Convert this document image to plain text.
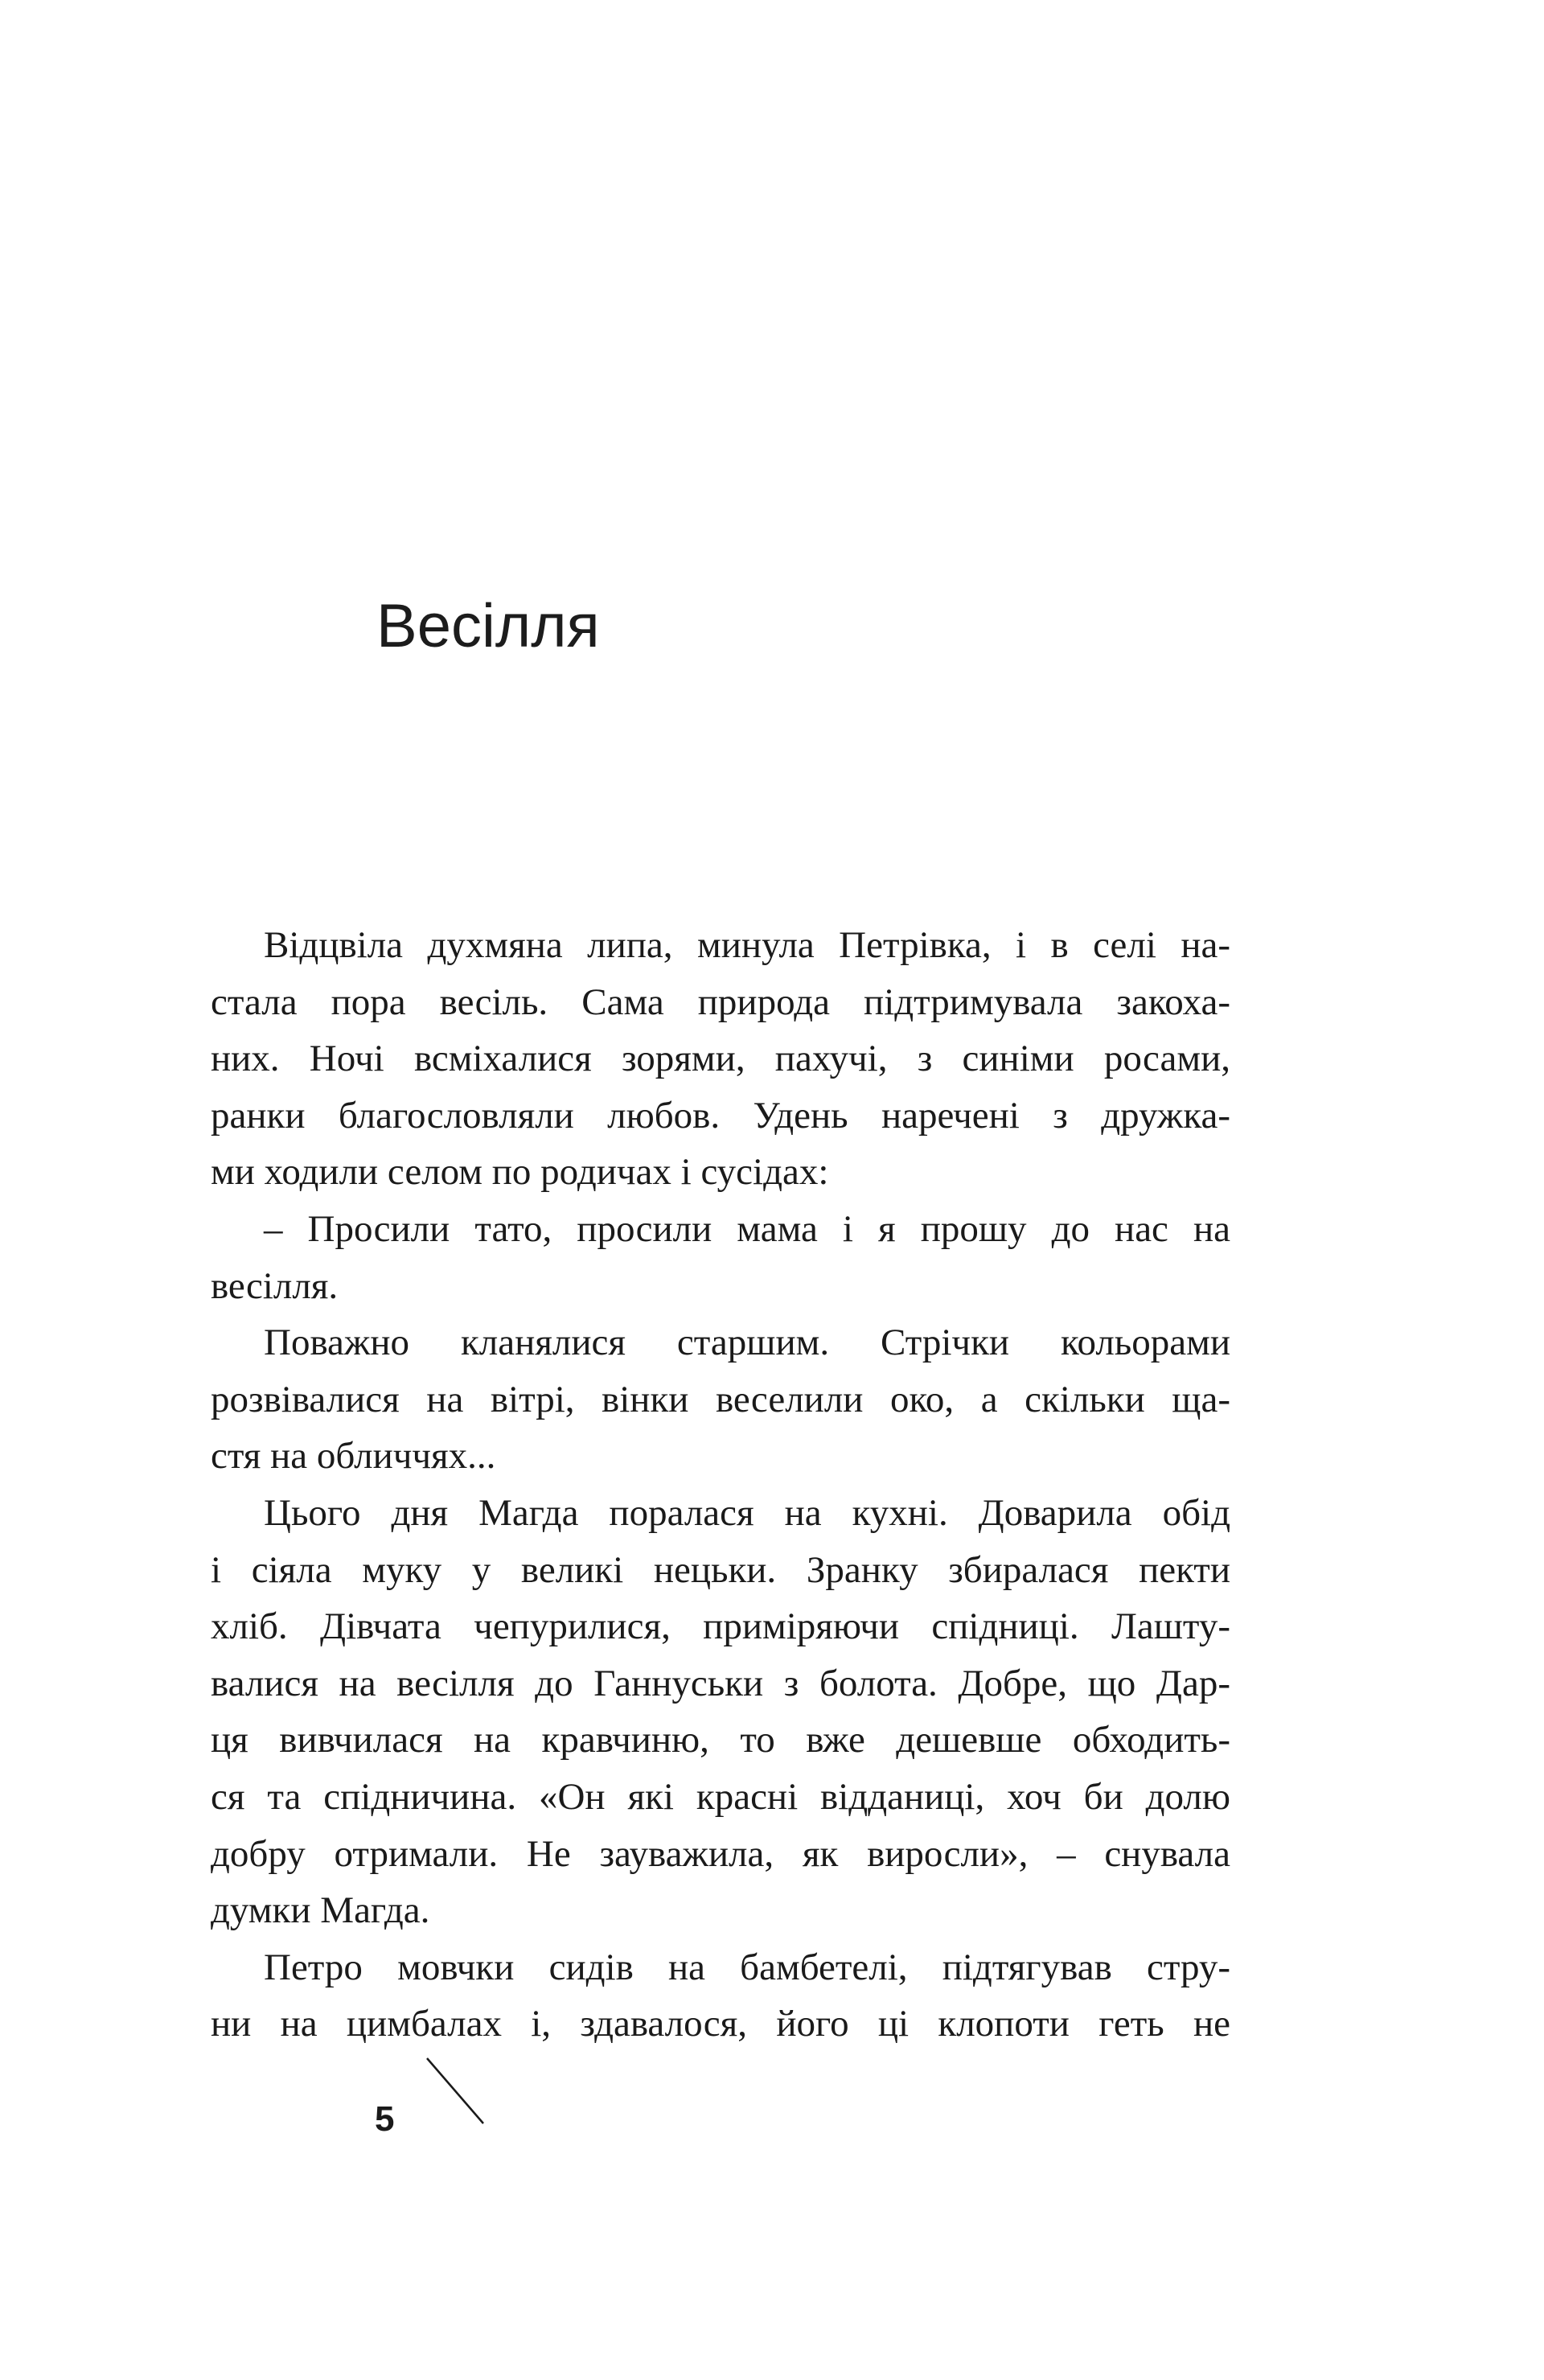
Весілля
Відцвіла духмяна липа, минула Петрівка, і в селі на-
стала пора весіль. Сама природа підтримувала закоха-
них. Ночі всміхалися зорями, пахучі, з синіми росами,
ранки благословляли любов. Удень наречені з дружка-
ми ходили селом по родичах і сусідах:
– Просили тато, просили мама і я прошу до нас на
весілля.
Поважно кланялися старшим. Стрічки кольорами
розвівалися на вітрі, вінки веселили око, а скільки ща-
стя на обличчях...
Цього дня Магда поралася на кухні. Доварила обід
і сіяла муку у великі нецьки. Зранку збиралася пекти
хліб. Дівчата чепурилися, приміряючи спідниці. Лашту-
валися на весілля до Ганнуськи з болота. Добре, що Дар-
ця вивчилася на кравчиню, то вже дешевше обходить-
ся та спідничина. «Он які красні відданиці, хоч би долю
добру отримали. Не зауважила, як виросли», – снувала
думки Магда.
Петро мовчки сидів на бамбетелі, підтягував стру-
ни на цимбалах і, здавалося, його ці клопоти геть не
5
